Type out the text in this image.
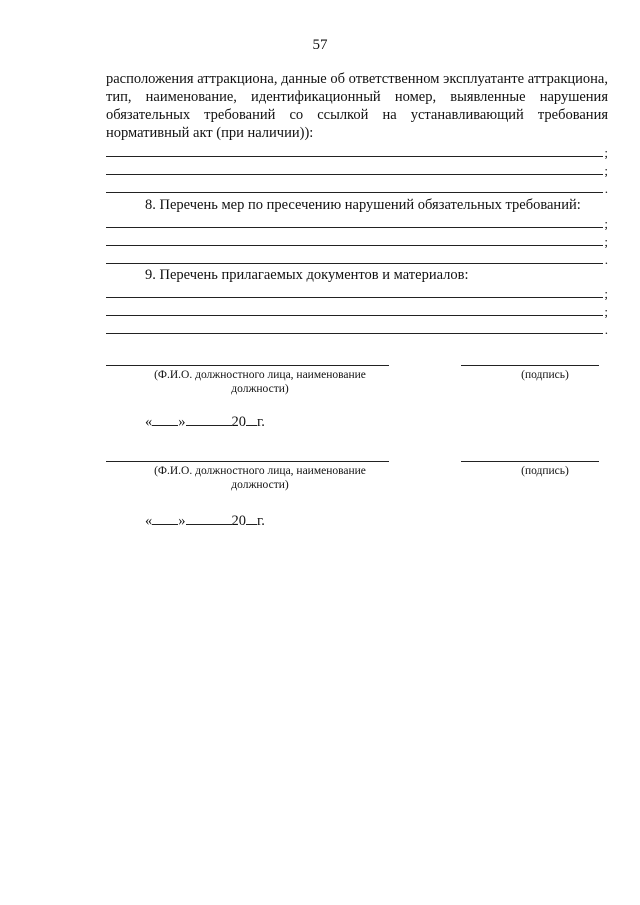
57

расположения аттракциона, данные об ответственном эксплуатанте аттракциона, тип, наименование, идентификационный номер, выявленные нарушения обязательных требований со ссылкой на устанавливающий требования нормативный акт (при наличии)):

;
;
.

8. Перечень мер по пресечению нарушений обязательных требований:

;
;
.

9. Перечень прилагаемых документов и материалов:

;
;
.
(Ф.И.О. должностного лица, наименование
должности)
(подпись)
« »	20 г.
(Ф.И.О. должностного лица, наименование
должности)
(подпись)
« »	20 г.
